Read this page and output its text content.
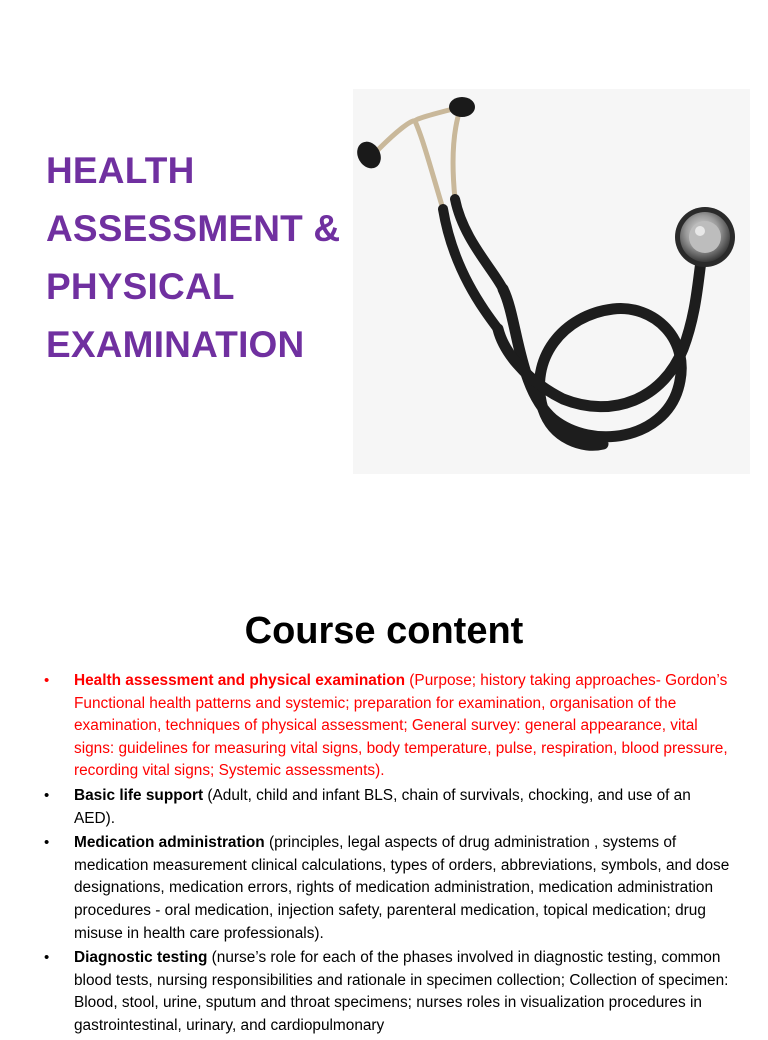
HEALTH
ASSESSMENT &
PHYSICAL
EXAMINATION
Course content
•	Health assessment and physical examination (Purpose; history taking approaches- Gordon’s Functional health patterns and systemic; preparation for examination, organisation of the examination, techniques of physical assessment; General survey: general appearance, vital signs: guidelines for measuring vital signs, body temperature, pulse, respiration, blood pressure, recording vital signs; Systemic assessments).
•	Basic life support (Adult, child and infant BLS, chain of survivals, chocking, and use of an AED).
•	Medication administration (principles, legal aspects of drug administration , systems of medication measurement clinical calculations, types of orders, abbreviations, symbols, and dose designations, medication errors, rights of medication administration, medication administration procedures - oral medication, injection safety, parenteral medication, topical medication; drug misuse in health care professionals).
•	Diagnostic testing (nurse’s role for each of the phases involved in diagnostic testing, common blood tests, nursing responsibilities and rationale in specimen collection; Collection of specimen: Blood, stool, urine, sputum and throat specimens; nurses roles in visualization procedures in gastrointestinal, urinary, and cardiopulmonary
